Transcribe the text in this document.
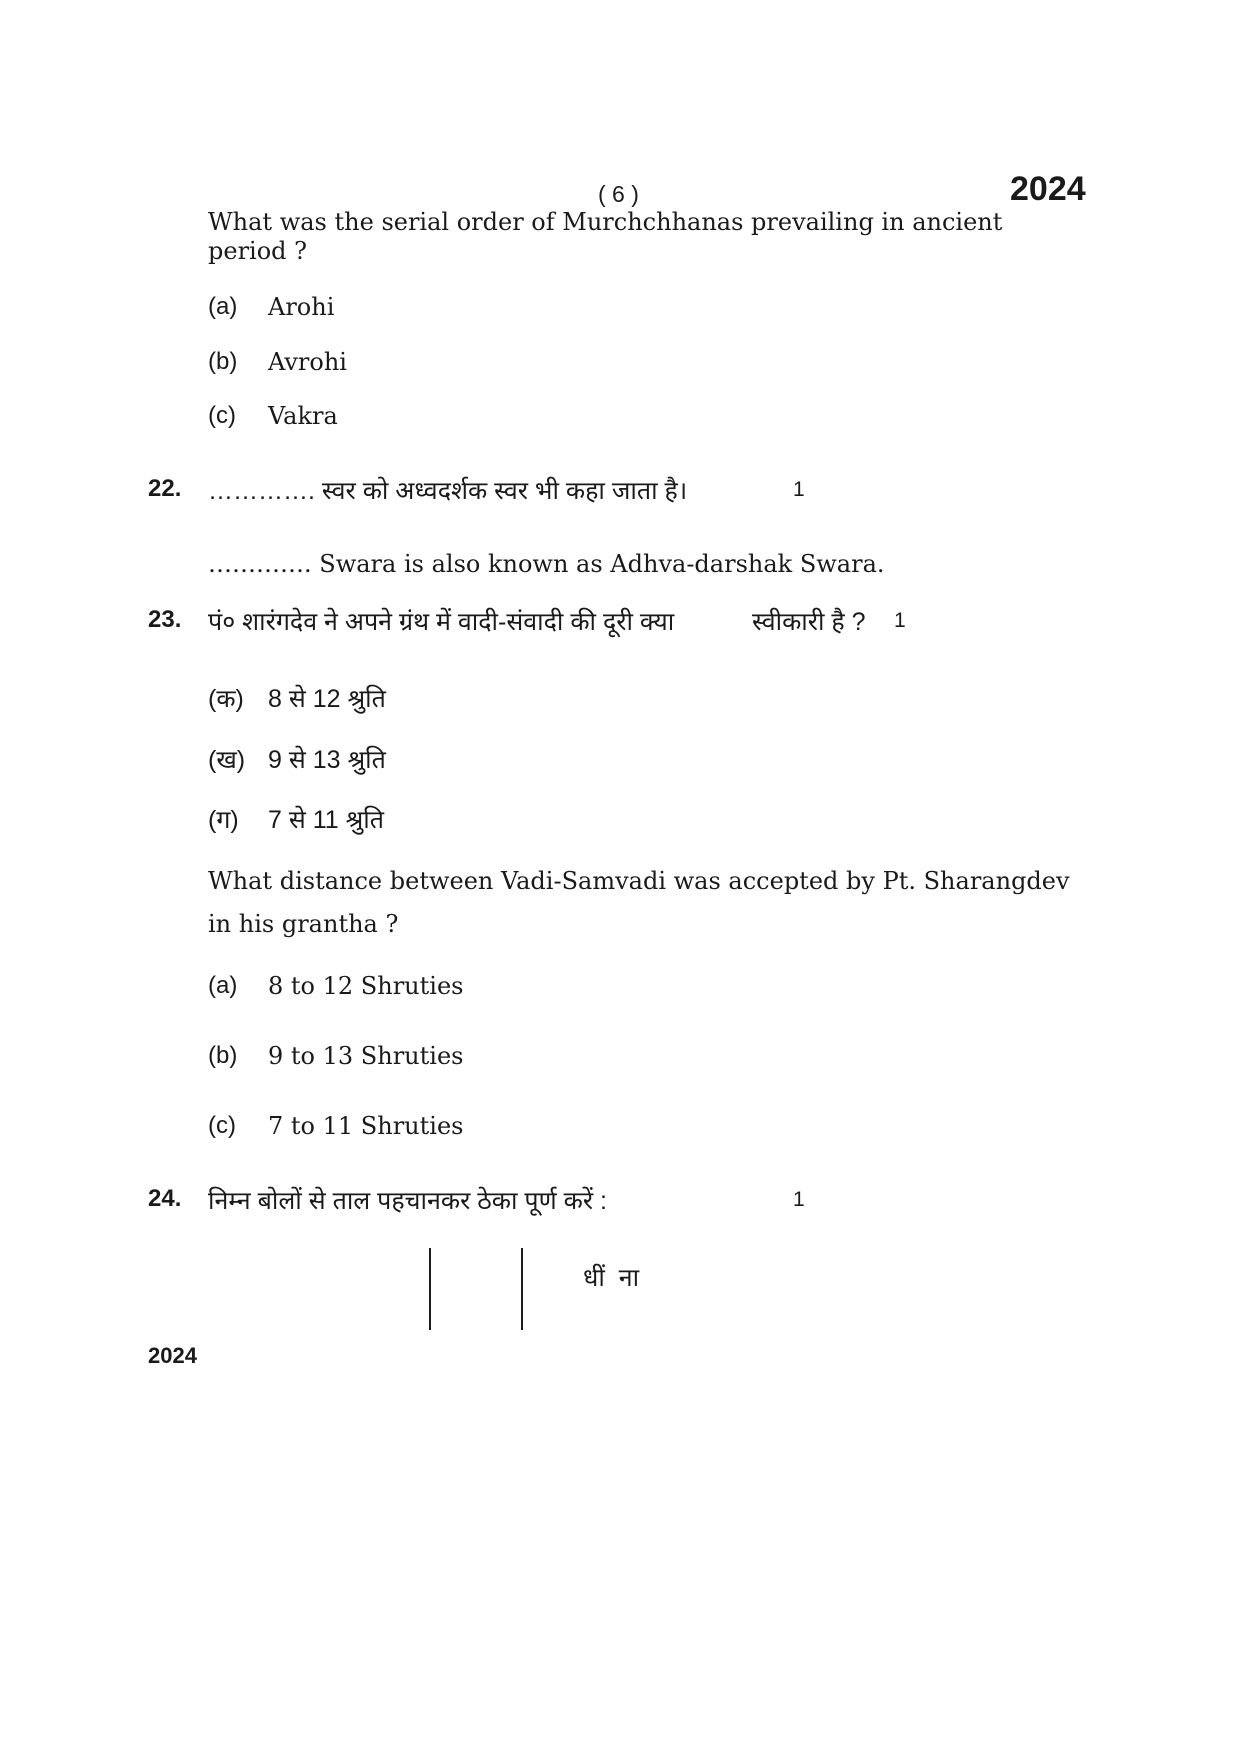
( 6 )	2024
What was the serial order of Murchchhanas prevailing in ancient period ?
(a) Arohi
(b) Avrohi
(c) Vakra
22. …………. स्वर को अध्वदर्शक स्वर भी कहा जाता है।	1
…………. Swara is also known as Adhva-darshak Swara.
23. पं० शारंगदेव ने अपने ग्रंथ में वादी-संवादी की दूरी क्या	स्वीकारी है ? 1
(क) 8 से 12 श्रुति
(ख) 9 से 13 श्रुति
(ग) 7 से 11 श्रुति
What distance between Vadi-Samvadi was accepted by Pt. Sharangdev in his grantha ?
(a) 8 to 12 Shruties
(b) 9 to 13 Shruties
(c) 7 to 11 Shruties
24. निम्न बोलों से ताल पहचानकर ठेका पूर्ण करें :	1
धीं  ना
2024
